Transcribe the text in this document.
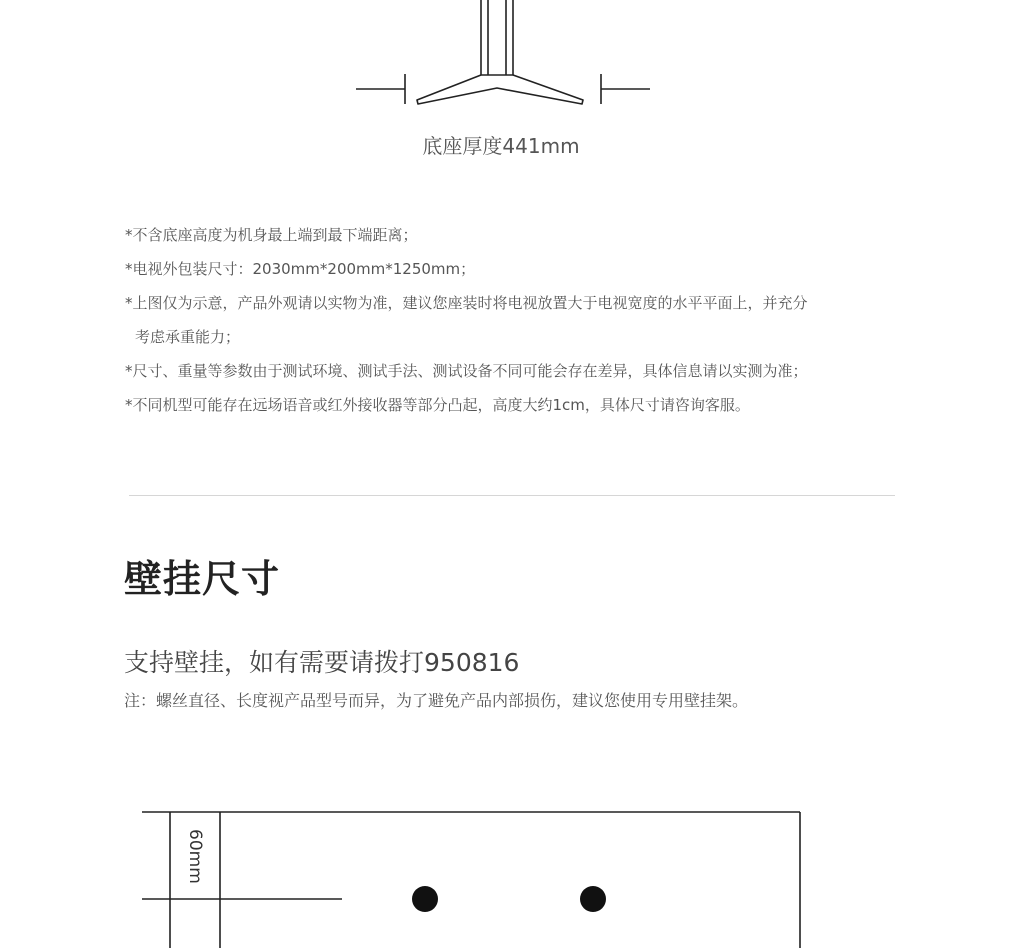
底座厚度441mm
*不含底座高度为机身最上端到最下端距离；
*电视外包装尺寸：2030mm*200mm*1250mm；
*上图仅为示意，产品外观请以实物为准，建议您座装时将电视放置大于电视宽度的水平平面上，并充分
考虑承重能力；
*尺寸、重量等参数由于测试环境、测试手法、测试设备不同可能会存在差异，具体信息请以实测为准；
*不同机型可能存在远场语音或红外接收器等部分凸起，高度大约1cm，具体尺寸请咨询客服。
壁挂尺寸

支持壁挂，如有需要请拨打950816

注：螺丝直径、长度视产品型号而异，为了避免产品内部损伤，建议您使用专用壁挂架。

60mm
